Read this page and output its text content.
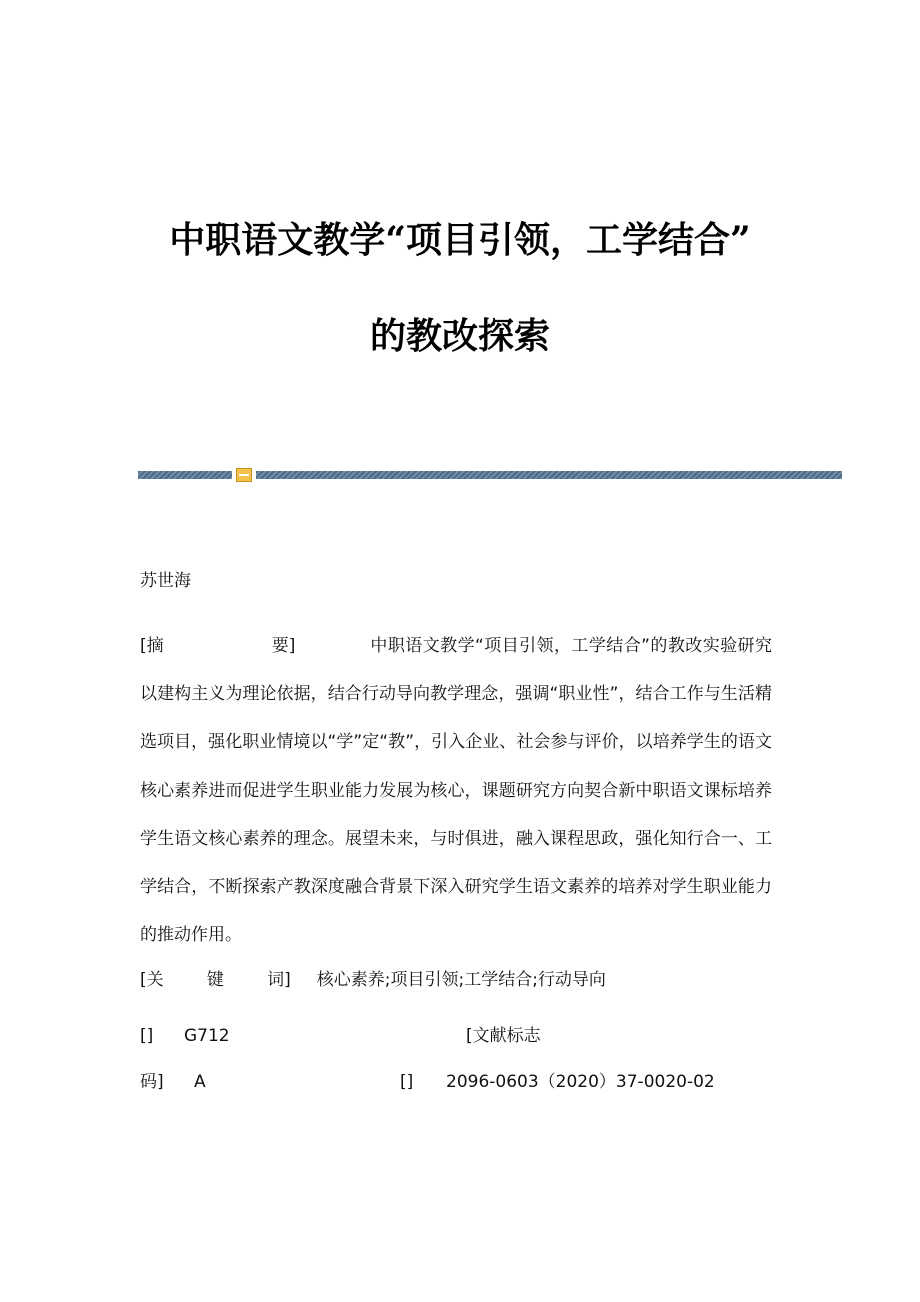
中职语文教学“项目引领，工学结合”
的教改探索
苏世海
[摘                    要]	中职语文教学“项目引领，工学结合”的教改实验研究以建构主义为理论依据，结合行动导向教学理念，强调“职业性”，结合工作与生活精选项目，强化职业情境以“学”定“教”，引入企业、社会参与评价，以培养学生的语文核心素养进而促进学生职业能力发展为核心，课题研究方向契合新中职语文课标培养学生语文核心素养的理念。展望未来，与时俱进，融入课程思政，强化知行合一、工学结合，不断探索产教深度融合背景下深入研究学生语文素养的培养对学生职业能力的推动作用。
[关        键        词] 核心素养;项目引领;工学结合;行动导向
[] G712	[文献标志
码] A	[] 2096-0603（2020）37-0020-02
